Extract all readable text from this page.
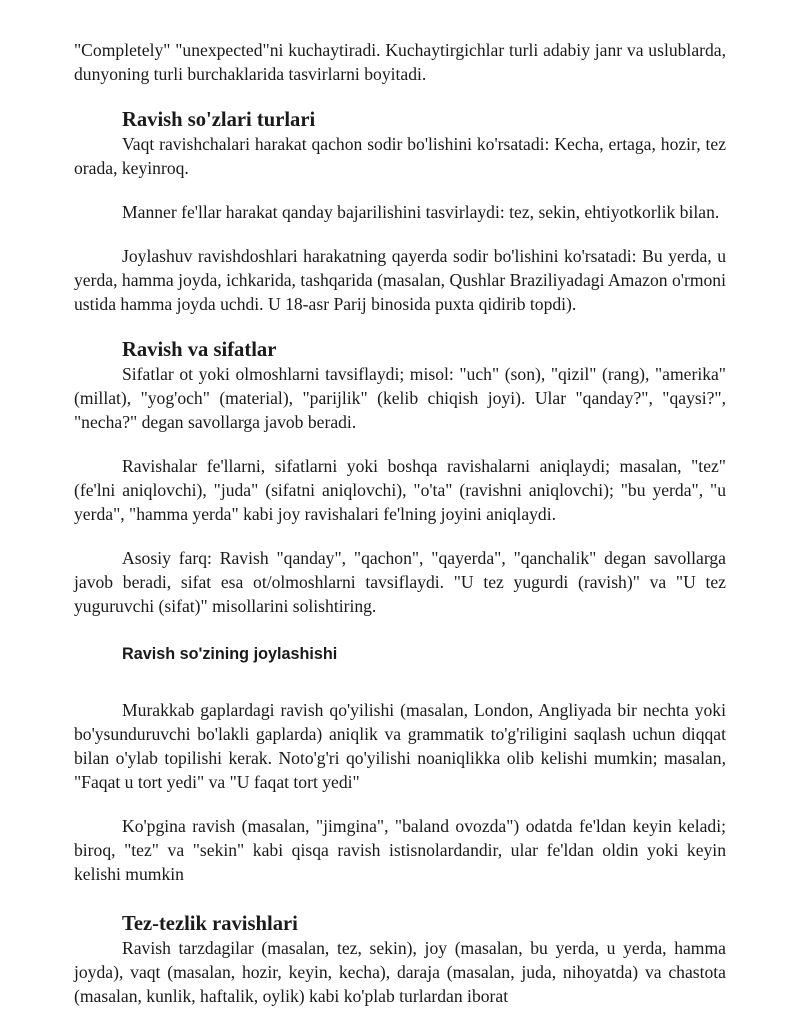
"Completely" "unexpected"ni kuchaytiradi. Kuchaytirgichlar turli adabiy janr va uslublarda, dunyoning turli burchaklarida tasvirlarni boyitadi.

Ravish so'zlari turlari

Vaqt ravishchalari harakat qachon sodir bo'lishini ko'rsatadi: Kecha, ertaga, hozir, tez orada, keyinroq.

Manner fe'llar harakat qanday bajarilishini tasvirlaydi: tez, sekin, ehtiyotkorlik bilan.

Joylashuv ravishdoshlari harakatning qayerda sodir bo'lishini ko'rsatadi: Bu yerda, u yerda, hamma joyda, ichkarida, tashqarida (masalan, Qushlar Braziliyadagi Amazon o'rmoni ustida hamma joyda uchdi. U 18-asr Parij binosida puxta qidirib topdi).

Ravish va sifatlar

Sifatlar ot yoki olmoshlarni tavsiflaydi; misol: "uch" (son), "qizil" (rang), "amerika" (millat), "yog'och" (material), "parijlik" (kelib chiqish joyi). Ular "qanday?", "qaysi?", "necha?" degan savollarga javob beradi.

Ravishalar fe'llarni, sifatlarni yoki boshqa ravishalarni aniqlaydi; masalan, "tez" (fe'lni aniqlovchi), "juda" (sifatni aniqlovchi), "o'ta" (ravishni aniqlovchi); "bu yerda", "u yerda", "hamma yerda" kabi joy ravishalari fe'lning joyini aniqlaydi.

Asosiy farq: Ravish "qanday", "qachon", "qayerda", "qanchalik" degan savollarga javob beradi, sifat esa ot/olmoshlarni tavsiflaydi. "U tez yugurdi (ravish)" va "U tez yuguruvchi (sifat)" misollarini solishtiring.

Ravish so'zining joylashishi

Murakkab gaplardagi ravish qo'yilishi (masalan, London, Angliyada bir nechta yoki bo'ysunduruvchi bo'lakli gaplarda) aniqlik va grammatik to'g'riligini saqlash uchun diqqat bilan o'ylab topilishi kerak. Noto'g'ri qo'yilishi noaniqlikka olib kelishi mumkin; masalan, "Faqat u tort yedi" va "U faqat tort yedi"

Ko'pgina ravish (masalan, "jimgina", "baland ovozda") odatda fe'ldan keyin keladi; biroq, "tez" va "sekin" kabi qisqa ravish istisnolardandir, ular fe'ldan oldin yoki keyin kelishi mumkin

Tez-tezlik ravishlari

Ravish tarzdagilar (masalan, tez, sekin), joy (masalan, bu yerda, u yerda, hamma joyda), vaqt (masalan, hozir, keyin, kecha), daraja (masalan, juda, nihoyatda) va chastota (masalan, kunlik, haftalik, oylik) kabi ko'plab turlardan iborat
